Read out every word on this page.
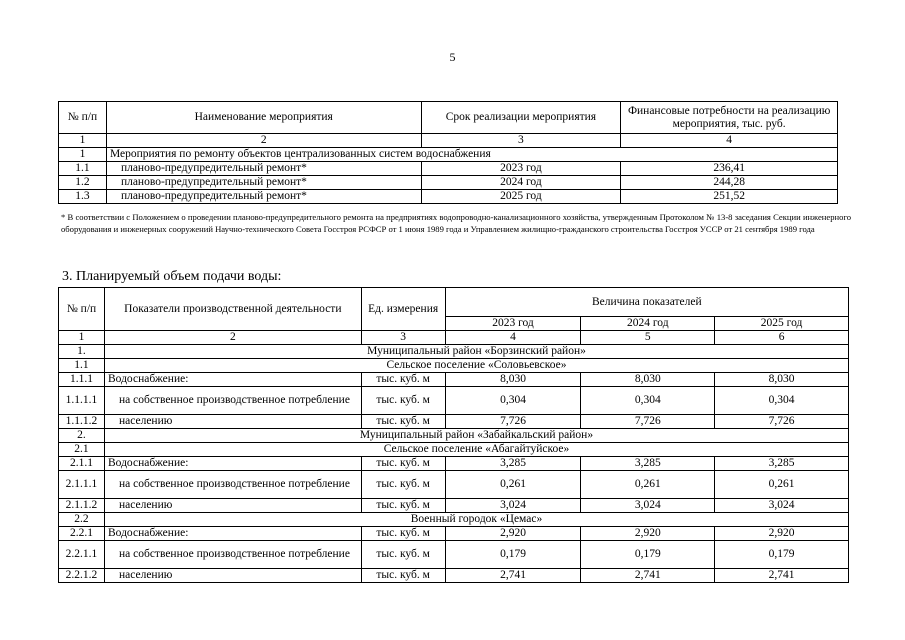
5
№ п/п	Наименование мероприятия	Срок реализации мероприятия	Финансовые потребности на реализацию мероприятия, тыс. руб.
1	2	3	4
1	Мероприятия по ремонту объектов централизованных систем водоснабжения		
1.1	планово-предупредительный ремонт*	2023 год	236,41
1.2	планово-предупредительный ремонт*	2024 год	244,28
1.3	планово-предупредительный ремонт*	2025 год	251,52
* В соответствии с Положением о проведении планово-предупредительного ремонта на предприятиях водопроводно-канализационного хозяйства, утвержденным Протоколом № 13-8 заседания Секции инженерного оборудования и инженерных сооружений Научно-технического Совета Госстроя РСФСР от 1 июня 1989 года и Управлением жилищно-гражданского строительства Госстроя УССР от 21 сентября 1989 года
3. Планируемый объем подачи воды:
№ п/п	Показатели производственной деятельности	Ед. измерения	Величина показателей		
			2023 год	2024 год	2025 год
1	2	3	4	5	6
1.	Муниципальный район «Борзинский район»				
1.1	Сельское поселение «Соловьевское»				
1.1.1	Водоснабжение:	тыс. куб. м	8,030	8,030	8,030
1.1.1.1	на собственное производственное потребление	тыс. куб. м	0,304	0,304	0,304
1.1.1.2	населению	тыс. куб. м	7,726	7,726	7,726
2.	Муниципальный район «Забайкальский район»				
2.1	Сельское поселение «Абагайтуйское»				
2.1.1	Водоснабжение:	тыс. куб. м	3,285	3,285	3,285
2.1.1.1	на собственное производственное потребление	тыс. куб. м	0,261	0,261	0,261
2.1.1.2	населению	тыс. куб. м	3,024	3,024	3,024
2.2	Военный городок «Цемас»				
2.2.1	Водоснабжение:	тыс. куб. м	2,920	2,920	2,920
2.2.1.1	на собственное производственное потребление	тыс. куб. м	0,179	0,179	0,179
2.2.1.2	населению	тыс. куб. м	2,741	2,741	2,741
